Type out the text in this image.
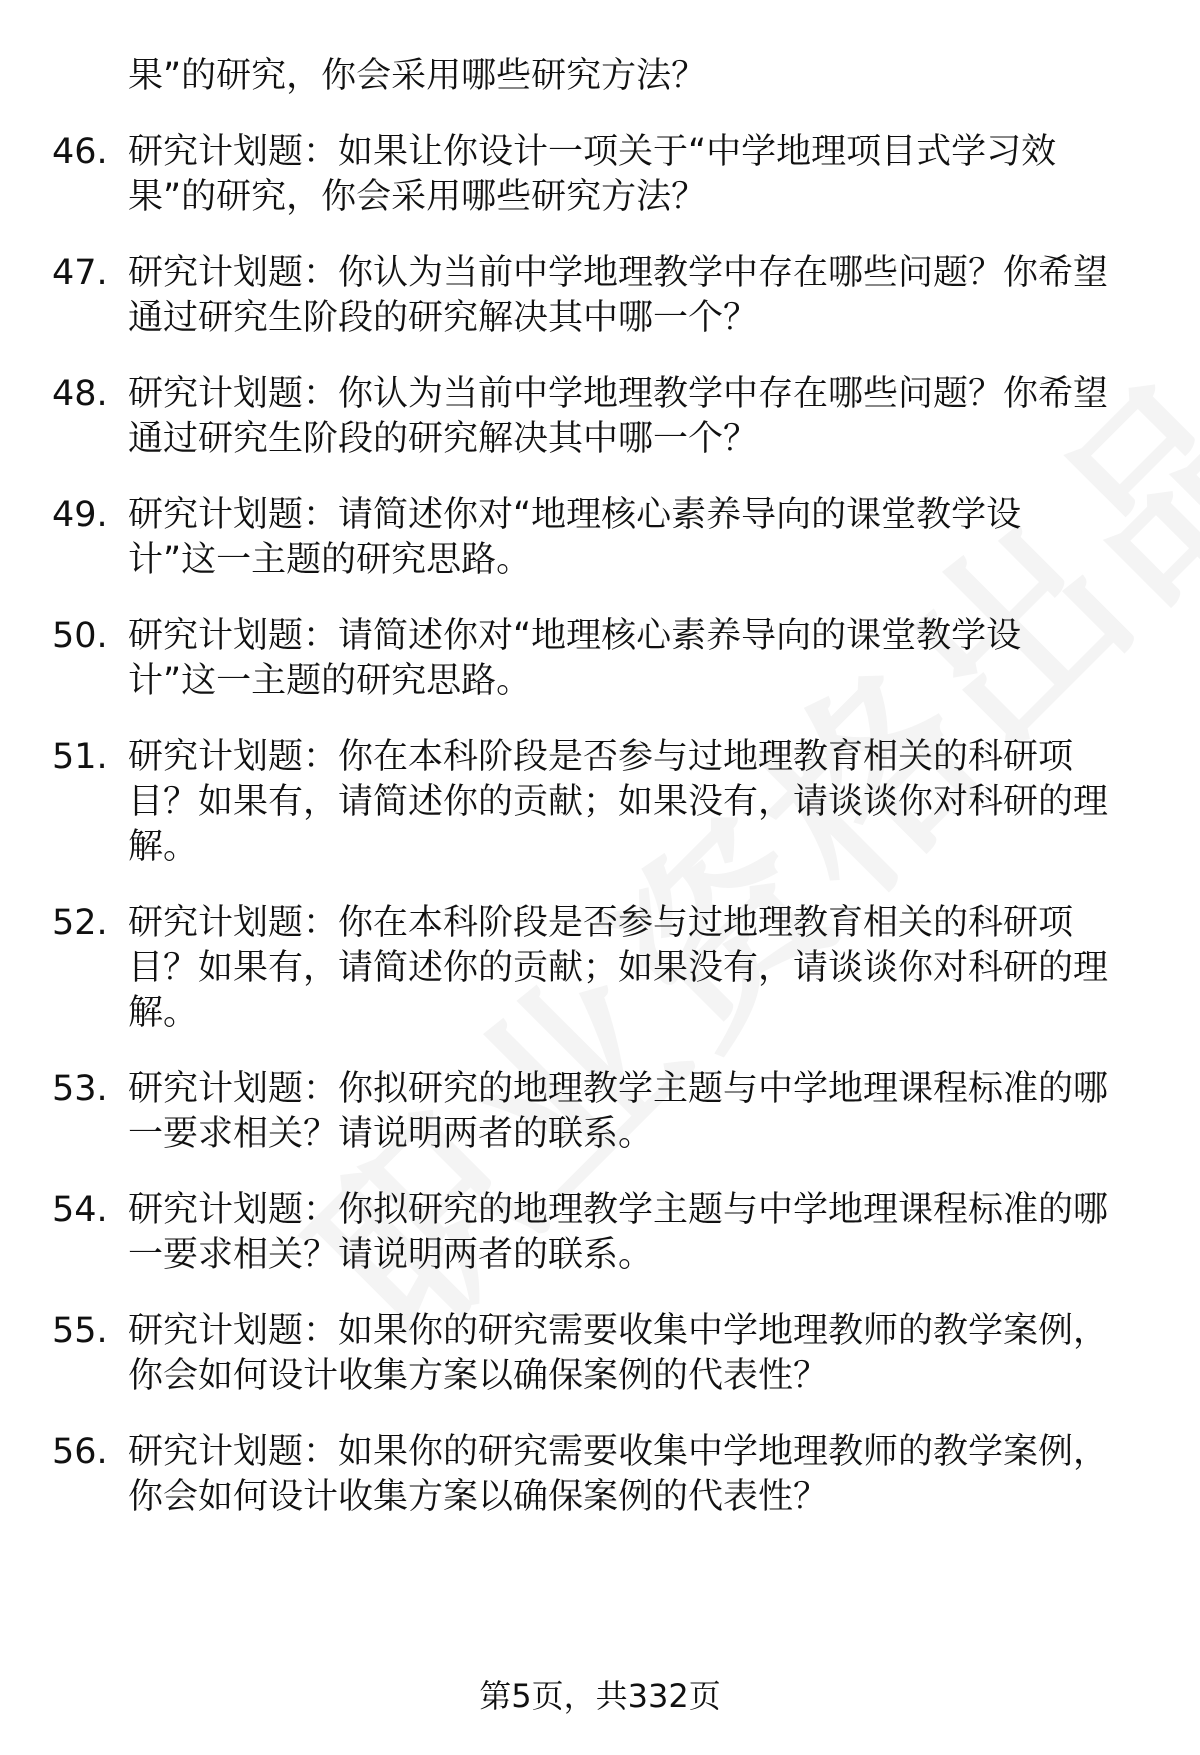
果”的研究，你会采用哪些研究方法？
46. 研究计划题：如果让你设计一项关于“中学地理项目式学习效
果”的研究，你会采用哪些研究方法？
47. 研究计划题：你认为当前中学地理教学中存在哪些问题？你希望
通过研究生阶段的研究解决其中哪一个？
48. 研究计划题：你认为当前中学地理教学中存在哪些问题？你希望
通过研究生阶段的研究解决其中哪一个？
49. 研究计划题：请简述你对“地理核心素养导向的课堂教学设
计”这一主题的研究思路。
50. 研究计划题：请简述你对“地理核心素养导向的课堂教学设
计”这一主题的研究思路。
51. 研究计划题：你在本科阶段是否参与过地理教育相关的科研项
目？如果有，请简述你的贡献；如果没有，请谈谈你对科研的理
解。
52. 研究计划题：你在本科阶段是否参与过地理教育相关的科研项
目？如果有，请简述你的贡献；如果没有，请谈谈你对科研的理
解。
53. 研究计划题：你拟研究的地理教学主题与中学地理课程标准的哪
一要求相关？请说明两者的联系。
54. 研究计划题：你拟研究的地理教学主题与中学地理课程标准的哪
一要求相关？请说明两者的联系。
55. 研究计划题：如果你的研究需要收集中学地理教师的教学案例，
你会如何设计收集方案以确保案例的代表性？
56. 研究计划题：如果你的研究需要收集中学地理教师的教学案例，
你会如何设计收集方案以确保案例的代表性？
第5页，共332页
